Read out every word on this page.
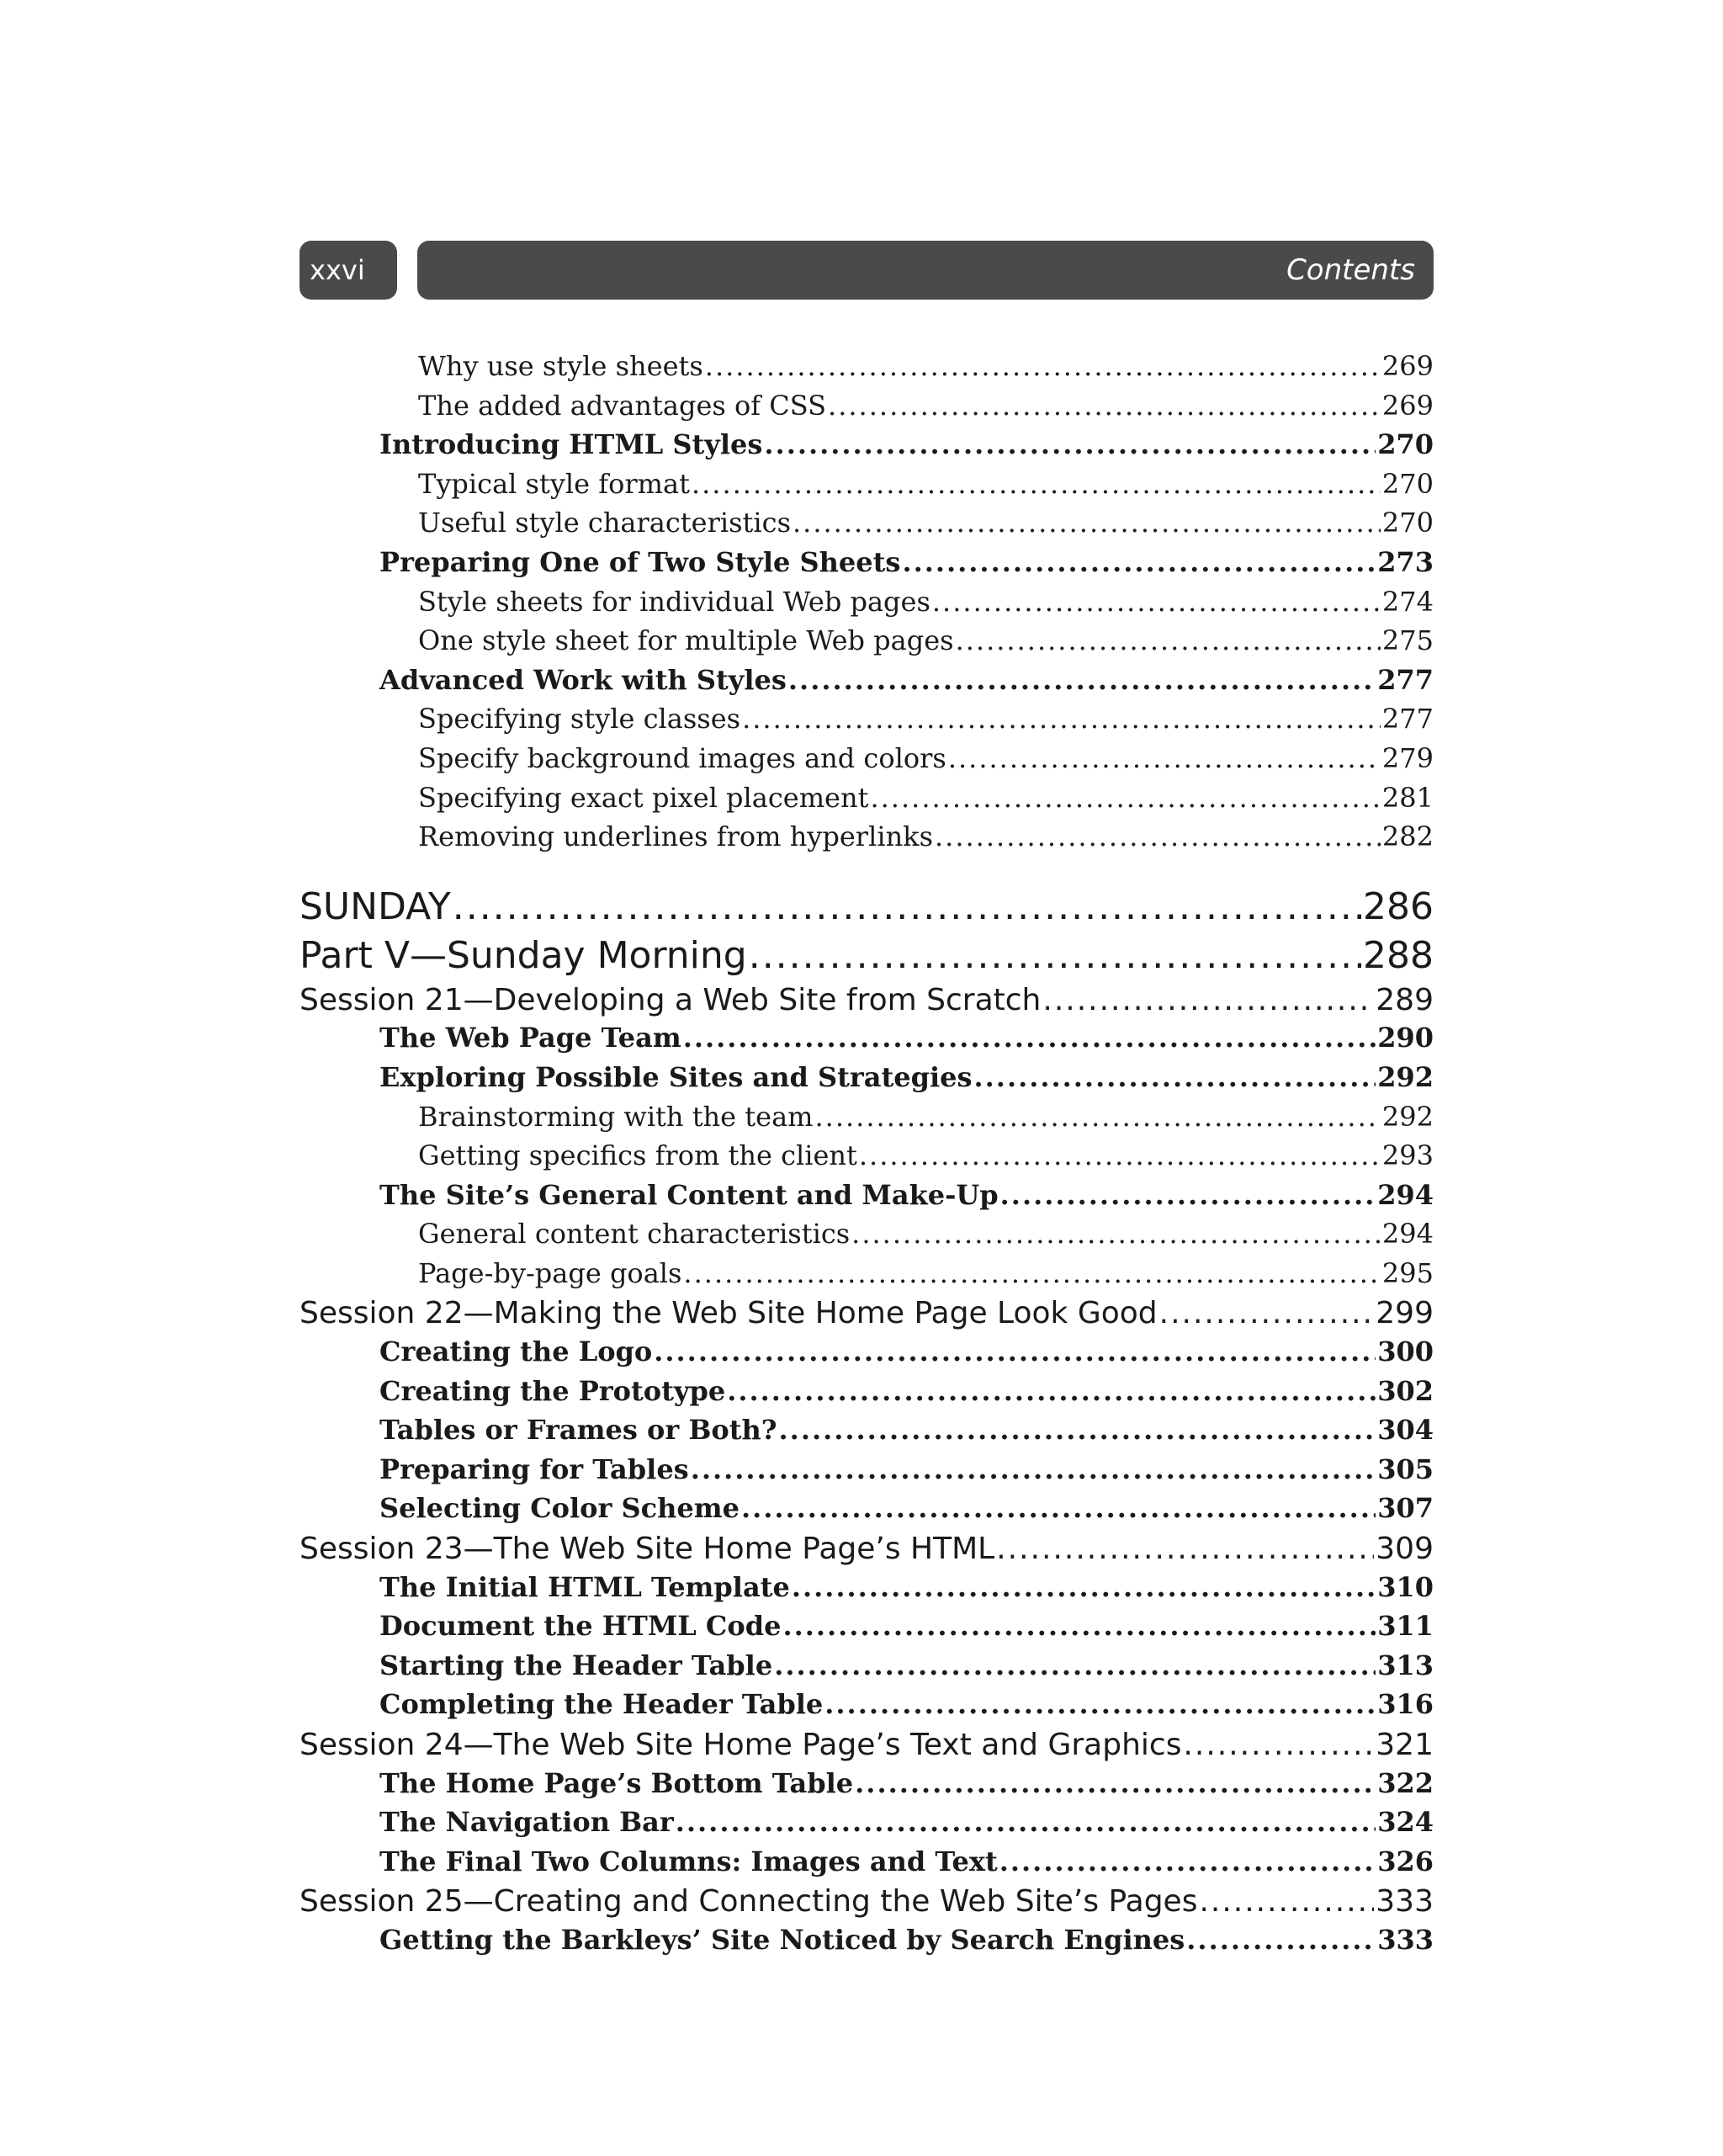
xxvi	Contents
Why use style sheets .....	269
The added advantages of CSS .....	269
Introducing HTML Styles .....	270
Typical style format .....	270
Useful style characteristics .....	270
Preparing One of Two Style Sheets .....	273
Style sheets for individual Web pages .....	274
One style sheet for multiple Web pages .....	275
Advanced Work with Styles .....	277
Specifying style classes .....	277
Specify background images and colors .....	279
Specifying exact pixel placement .....	281
Removing underlines from hyperlinks .....	282
SUNDAY .....	286
Part V—Sunday Morning .....	288
Session 21—Developing a Web Site from Scratch .....	289
The Web Page Team .....	290
Exploring Possible Sites and Strategies .....	292
Brainstorming with the team .....	292
Getting specifics from the client .....	293
The Site’s General Content and Make-Up .....	294
General content characteristics .....	294
Page-by-page goals .....	295
Session 22—Making the Web Site Home Page Look Good .....	299
Creating the Logo .....	300
Creating the Prototype .....	302
Tables or Frames or Both? .....	304
Preparing for Tables .....	305
Selecting Color Scheme .....	307
Session 23—The Web Site Home Page’s HTML .....	309
The Initial HTML Template .....	310
Document the HTML Code .....	311
Starting the Header Table .....	313
Completing the Header Table .....	316
Session 24—The Web Site Home Page’s Text and Graphics .....	321
The Home Page’s Bottom Table .....	322
The Navigation Bar .....	324
The Final Two Columns: Images and Text .....	326
Session 25—Creating and Connecting the Web Site’s Pages .....	333
Getting the Barkleys’ Site Noticed by Search Engines .....	333
